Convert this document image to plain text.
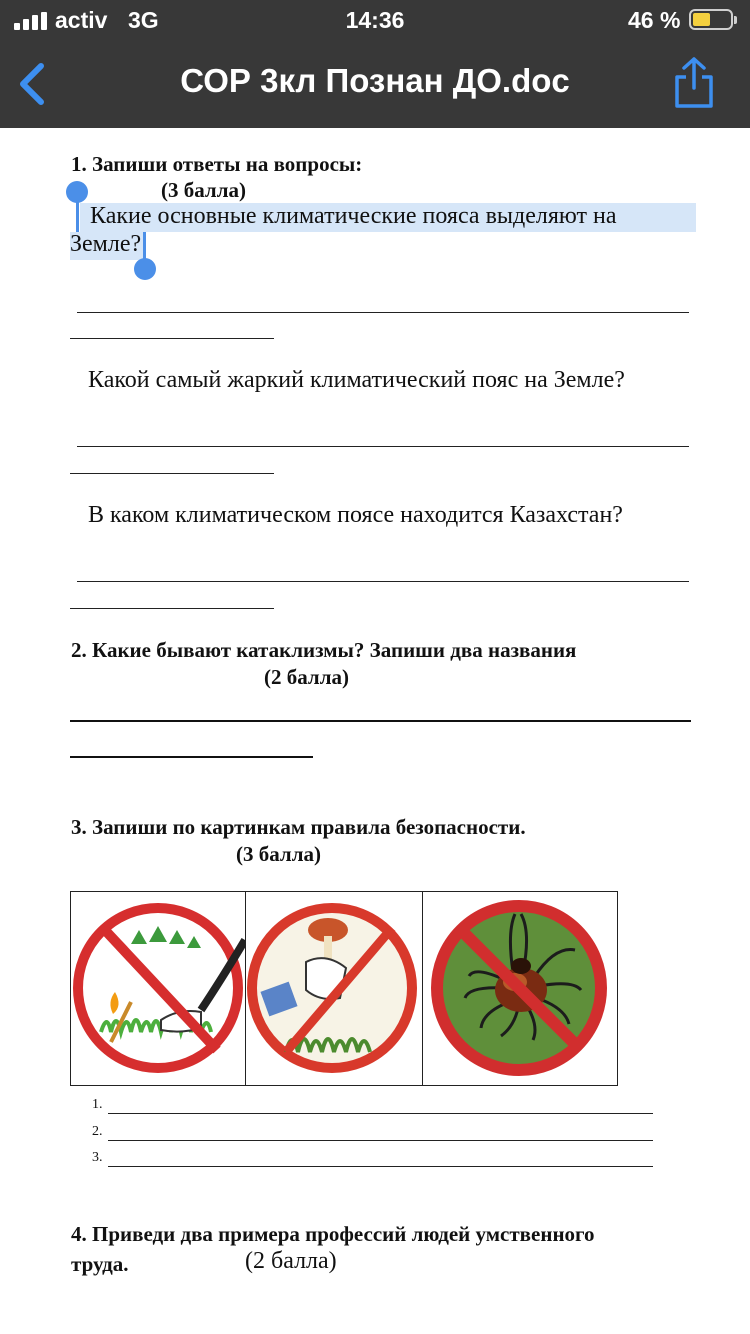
activ 3G	14:36	46 %
СОР 3кл Познан ДО.doc
1. Запиши ответы на вопросы:
(3 балла)
Какие основные климатические пояса выделяют на
Земле?
Какой самый жаркий климатический пояс на Земле?
В каком климатическом поясе находится Казахстан?
2. Какие бывают катаклизмы? Запиши два названия
(2 балла)
3. Запиши по картинкам правила безопасности.
(3 балла)
1.
2.
3.
4. Приведи два примера профессий людей умственного
труда.	(2 балла)
